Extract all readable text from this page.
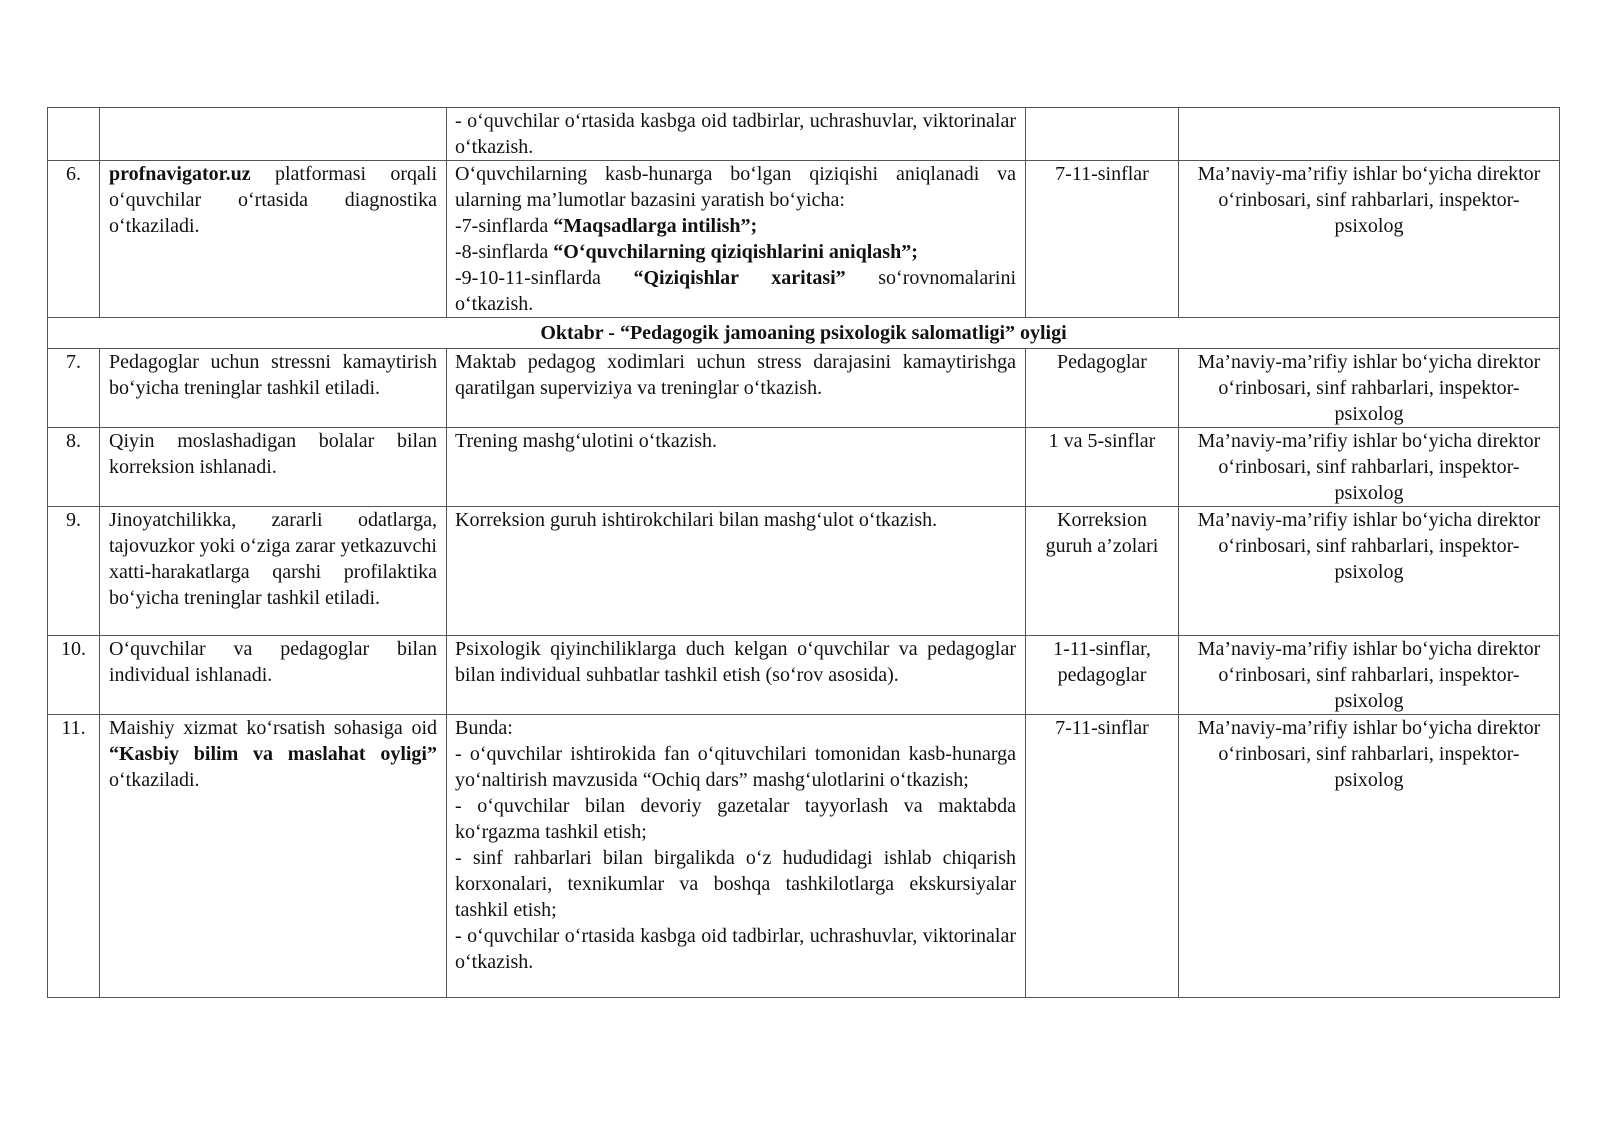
		- o‘quvchilar o‘rtasida kasbga oid tadbirlar, uchrashuvlar, viktorinalar o‘tkazish.		
6.	profnavigator.uz platformasi orqali o‘quvchilar o‘rtasida diagnostika o‘tkaziladi.	O‘quvchilarning kasb-hunarga bo‘lgan qiziqishi aniqlanadi va ularning ma’lumotlar bazasini yaratish bo‘yicha:
-7-sinflarda “Maqsadlarga intilish”;
-8-sinflarda “O‘quvchilarning qiziqishlarini aniqlash”;
-9-10-11-sinflarda “Qiziqishlar xaritasi” so‘rovnomalarini o‘tkazish.	7-11-sinflar	Ma’naviy-ma’rifiy ishlar bo‘yicha direktor o‘rinbosari, sinf rahbarlari, inspektor-psixolog
Oktabr - “Pedagogik jamoaning psixologik salomatligi” oyligi				
7.	Pedagoglar uchun stressni kamaytirish bo‘yicha treninglar tashkil etiladi.	Maktab pedagog xodimlari uchun stress darajasini kamaytirishga qaratilgan superviziya va treninglar o‘tkazish.	Pedagoglar	Ma’naviy-ma’rifiy ishlar bo‘yicha direktor o‘rinbosari, sinf rahbarlari, inspektor-psixolog
8.	Qiyin moslashadigan bolalar bilan korreksion ishlanadi.	Trening mashg‘ulotini o‘tkazish.	1 va 5-sinflar	Ma’naviy-ma’rifiy ishlar bo‘yicha direktor o‘rinbosari, sinf rahbarlari, inspektor-psixolog
9.	Jinoyatchilikka, zararli odatlarga, tajovuzkor yoki o‘ziga zarar yetkazuvchi xatti-harakatlarga qarshi profilaktika bo‘yicha treninglar tashkil etiladi.	Korreksion guruh ishtirokchilari bilan mashg‘ulot o‘tkazish.	Korreksion guruh a’zolari	Ma’naviy-ma’rifiy ishlar bo‘yicha direktor o‘rinbosari, sinf rahbarlari, inspektor-psixolog
10.	O‘quvchilar va pedagoglar bilan individual ishlanadi.	Psixologik qiyinchiliklarga duch kelgan o‘quvchilar va pedagoglar bilan individual suhbatlar tashkil etish (so‘rov asosida).	1-11-sinflar, pedagoglar	Ma’naviy-ma’rifiy ishlar bo‘yicha direktor o‘rinbosari, sinf rahbarlari, inspektor-psixolog
11.	Maishiy xizmat ko‘rsatish sohasiga oid “Kasbiy bilim va maslahat oyligi” o‘tkaziladi.	Bunda:
- o‘quvchilar ishtirokida fan o‘qituvchilari tomonidan kasb-hunarga yo‘naltirish mavzusida “Ochiq dars” mashg‘ulotlarini o‘tkazish;
- o‘quvchilar bilan devoriy gazetalar tayyorlash va maktabda ko‘rgazma tashkil etish;
- sinf rahbarlari bilan birgalikda o‘z hududidagi ishlab chiqarish korxonalari, texnikumlar va boshqa tashkilotlarga ekskursiyalar tashkil etish;
- o‘quvchilar o‘rtasida kasbga oid tadbirlar, uchrashuvlar, viktorinalar o‘tkazish.	7-11-sinflar	Ma’naviy-ma’rifiy ishlar bo‘yicha direktor o‘rinbosari, sinf rahbarlari, inspektor-psixolog
